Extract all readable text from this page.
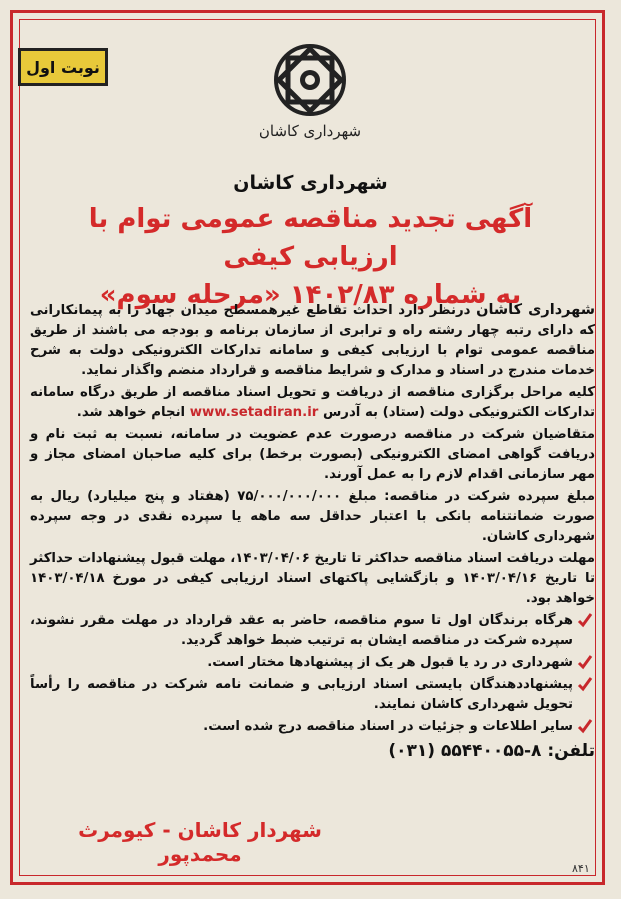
نوبت اول
شهرداری کاشان
شهرداری کاشان
آگهی تجدید مناقصه عمومی توام با ارزیابی کیفی
به شماره ۱۴۰۲/۸۳ «مرحله سوم»

شهرداری کاشان درنظر دارد احداث تقاطع غیرهمسطح میدان جهاد را به پیمانکارانی که دارای رتبه چهار رشته راه و ترابری از سازمان برنامه و بودجه می باشند از طریق مناقصه عمومی توام با ارزیابی کیفی و سامانه تدارکات الکترونیکی دولت به شرح خدمات مندرج در اسناد و مدارک و شرایط مناقصه و قرارداد منضم واگذار نماید.

کلیه مراحل برگزاری مناقصه از دریافت و تحویل اسناد مناقصه از طریق درگاه سامانه تدارکات الکترونیکی دولت (ستاد) به آدرس www.setadiran.ir انجام خواهد شد.

متقاضیان شرکت در مناقصه درصورت عدم عضویت در سامانه، نسبت به ثبت نام و دریافت گواهی امضای الکترونیکی (بصورت برخط) برای کلیه صاحبان امضای مجاز و مهر سازمانی اقدام لازم را به عمل آورند.

مبلغ سپرده شرکت در مناقصه: مبلغ ۷۵/۰۰۰/۰۰۰/۰۰۰ (هفتاد و پنج میلیارد) ریال به صورت ضمانتنامه بانکی با اعتبار حداقل سه ماهه یا سپرده نقدی در وجه سپرده شهرداری کاشان.

مهلت دریافت اسناد مناقصه حداکثر تا تاریخ ۱۴۰۳/۰۴/۰۶، مهلت قبول پیشنهادات حداکثر تا تاریخ ۱۴۰۳/۰۴/۱۶ و بازگشایی پاکتهای اسناد ارزیابی کیفی در مورخ ۱۴۰۳/۰۴/۱۸ خواهد بود.

هرگاه برندگان اول تا سوم مناقصه، حاضر به عقد قرارداد در مهلت مقرر نشوند، سپرده شرکت در مناقصه ایشان به ترتیب ضبط خواهد گردید.
شهرداری در رد یا قبول هر یک از پیشنهادها مختار است.
پیشنهاددهندگان بایستی اسناد ارزیابی و ضمانت نامه شرکت در مناقصه را رأساً تحویل شهرداری کاشان نمایند.
سایر اطلاعات و جزئیات در اسناد مناقصه درج شده است.
تلفن: ۸-۵۵۴۴۰۰۵۵ (۰۳۱)
شهردار کاشان - کیومرث محمدپور
۸۴۱
